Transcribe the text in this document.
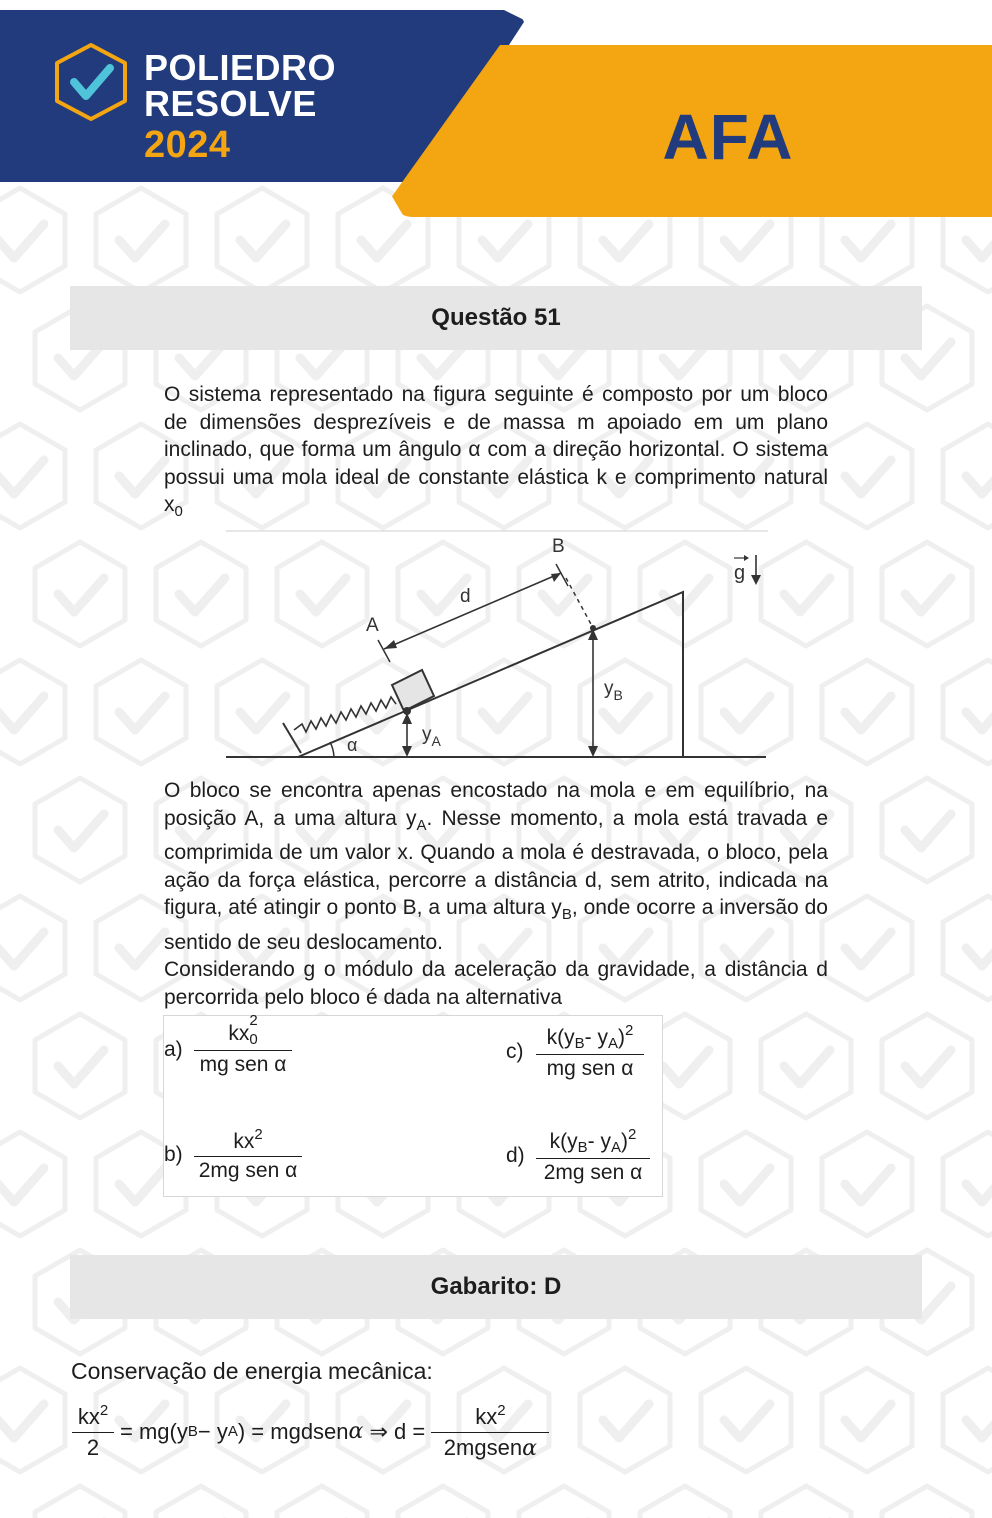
POLIEDRO
RESOLVE
2024	AFA
Questão 51

O sistema representado na figura seguinte é composto por um bloco de dimensões desprezíveis e de massa m apoiado em um plano inclinado, que forma um ângulo α com a direção horizontal. O sistema possui uma mola ideal de constante elástica k e comprimento natural $x_0$

α	$y_A$
$y_B$
d
A
B
g

O bloco se encontra apenas encostado na mola e em equilíbrio, na posição A, a uma altura $y_A$. Nesse momento, a mola está travada e comprimida de um valor x. Quando a mola é destravada, o bloco, pela ação da força elástica, percorre a distância d, sem atrito, indicada na figura, até atingir o ponto B, a uma altura $y_B$, onde ocorre a inversão do sentido de seu deslocamento.

Considerando g o módulo da aceleração da gravidade, a distância d percorrida pelo bloco é dada na alternativa

a) kx
2
0
mg sen α
$b) \frac{kx^2}{\text{2mg sen α}}$
$c) \frac{k(yB- yA)^2}{\text{mg sen α}}$
$d) \frac{k(yB- yA)^2}{\text{2mg sen α}}$
Gabarito: D
Conservação de energia mecânica:
$\frac{kx^2}{2} = mg(y$ B − y A ) = mgdsen α ⇒ $d = \frac{kx^2}{\text{2mgsenα}}$
